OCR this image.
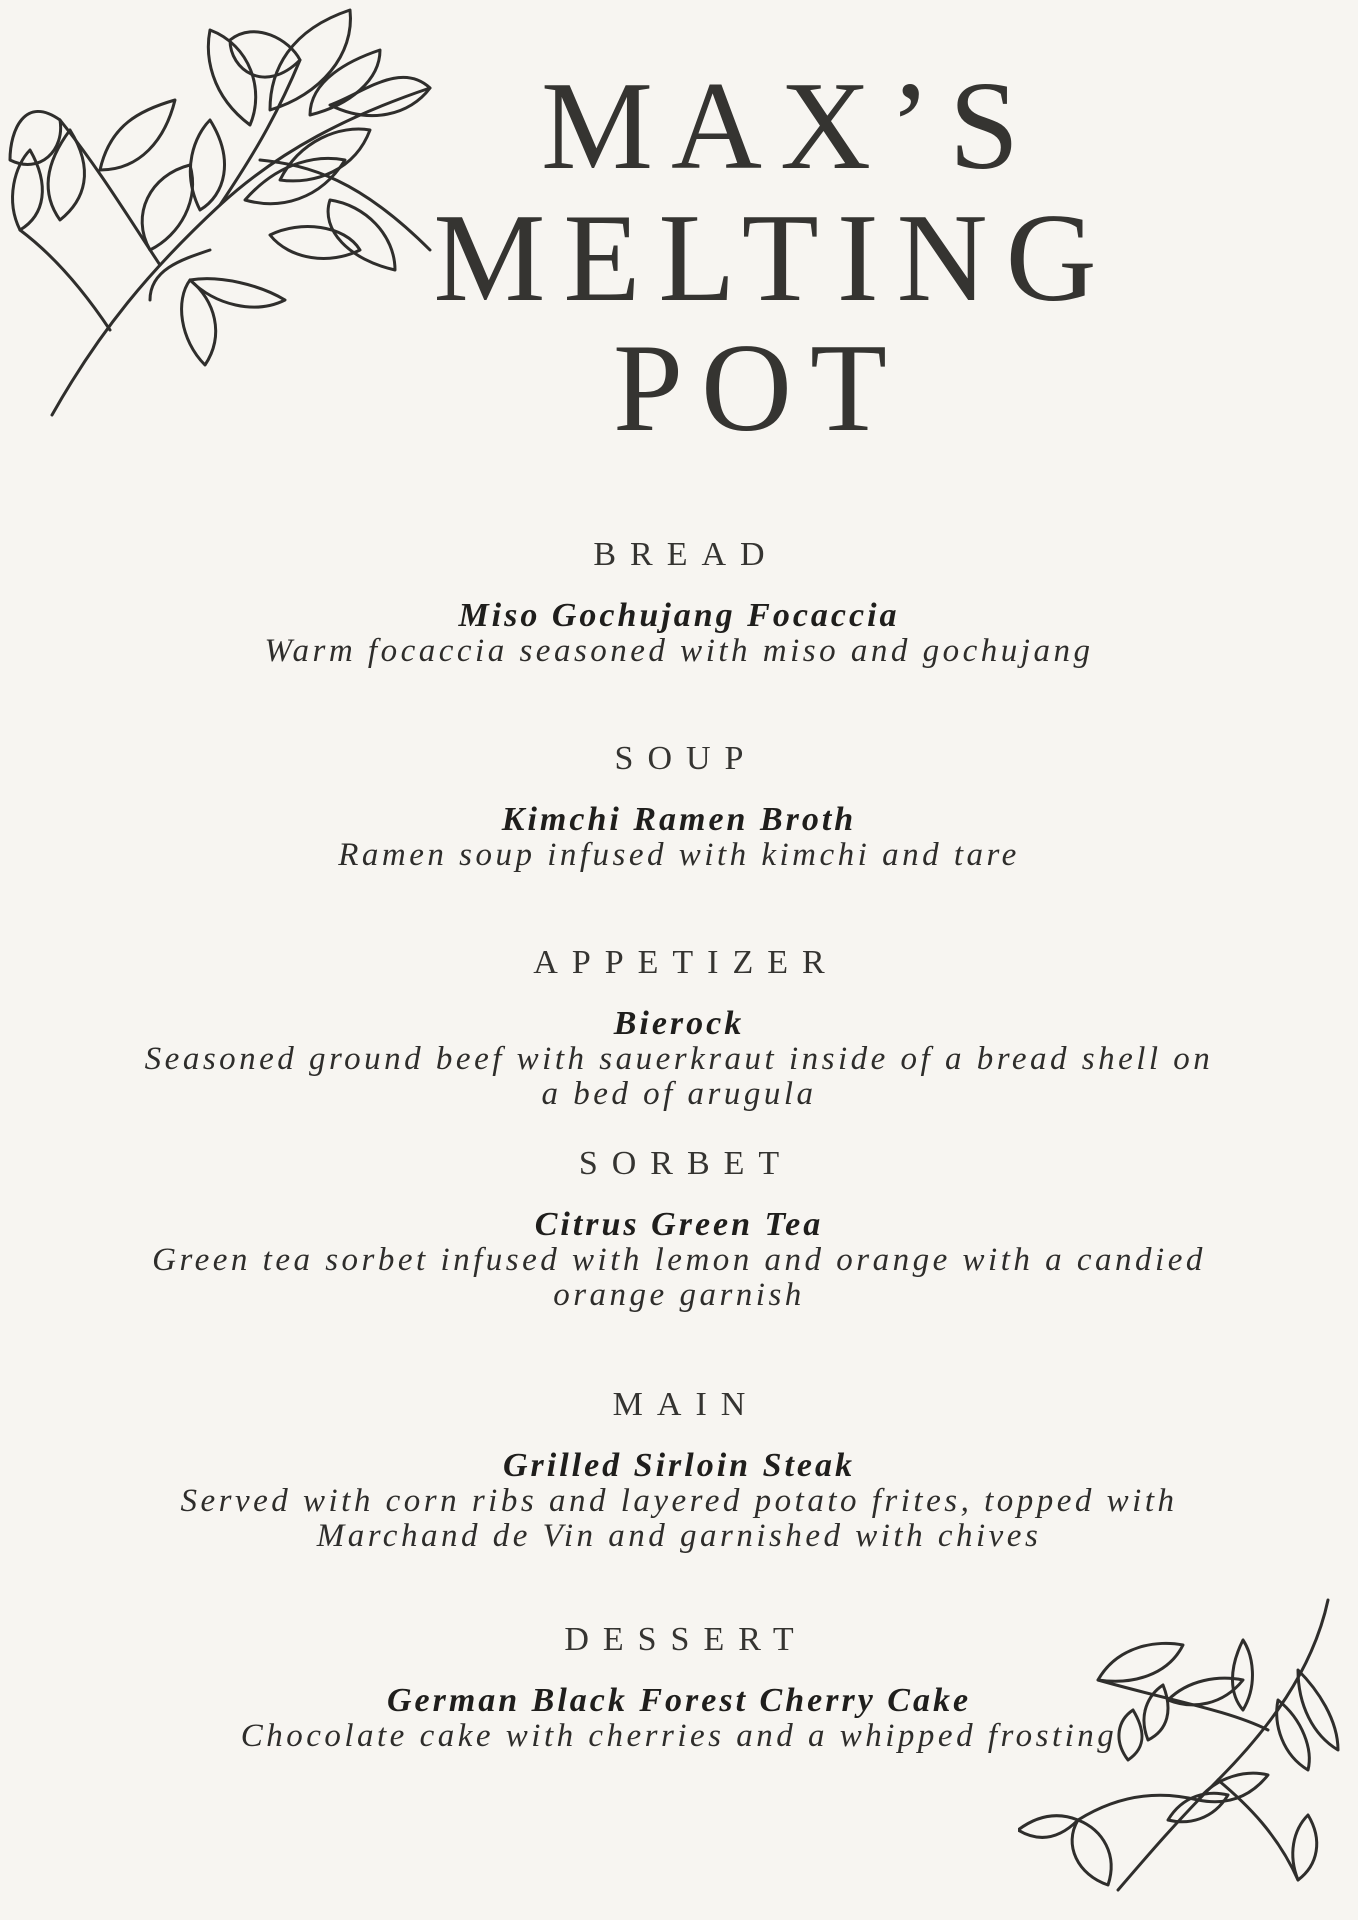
MAX’S
MELTING
POT
BREAD
Miso Gochujang Focaccia
Warm focaccia seasoned with miso and gochujang
SOUP
Kimchi Ramen Broth
Ramen soup infused with kimchi and tare
APPETIZER
Bierock
Seasoned ground beef with sauerkraut inside of a bread shell on a bed of arugula
SORBET
Citrus Green Tea
Green tea sorbet infused with lemon and orange with a candied orange garnish
MAIN
Grilled Sirloin Steak
Served with corn ribs and layered potato frites, topped with Marchand de Vin and garnished with chives
DESSERT
German Black Forest Cherry Cake
Chocolate cake with cherries and a whipped frosting
